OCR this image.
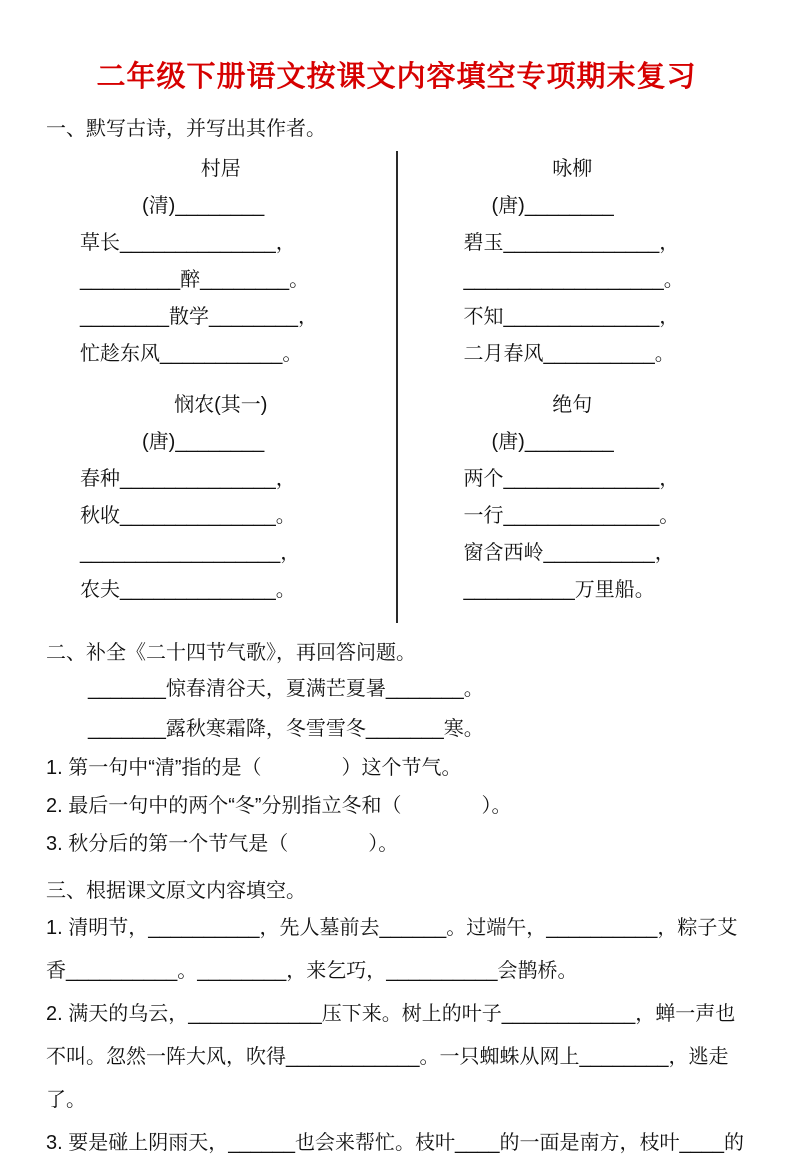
二年级下册语文按课文内容填空专项期末复习
一、默写古诗，并写出其作者。
村居
(清)________
草长______________，
_________醉________。
________散学________，
忙趁东风___________。
悯农(其一)
(唐)________
春种______________，
秋收______________。
__________________，
农夫______________。
咏柳
(唐)________
碧玉______________，
__________________。
不知______________，
二月春风__________。
绝句
(唐)________
两个______________，
一行______________。
窗含西岭__________，
__________万里船。
二、补全《二十四节气歌》，再回答问题。
_______惊春清谷天，夏满芒夏暑_______。
_______露秋寒霜降，冬雪雪冬_______寒。
1. 第一句中“清”指的是（　　　　）这个节气。
2. 最后一句中的两个“冬”分别指立冬和（　　　　）。
3. 秋分后的第一个节气是（　　　　）。
三、根据课文原文内容填空。

1. 清明节，__________，先人墓前去______。过端午，__________，粽子艾香__________。________，来乞巧，__________会鹊桥。

2. 满天的乌云，____________压下来。树上的叶子____________，蝉一声也不叫。忽然一阵大风，吹得____________。一只蜘蛛从网上________，逃走了。

3. 要是碰上阴雨天，______也会来帮忙。枝叶____的一面是南方，枝叶____的
